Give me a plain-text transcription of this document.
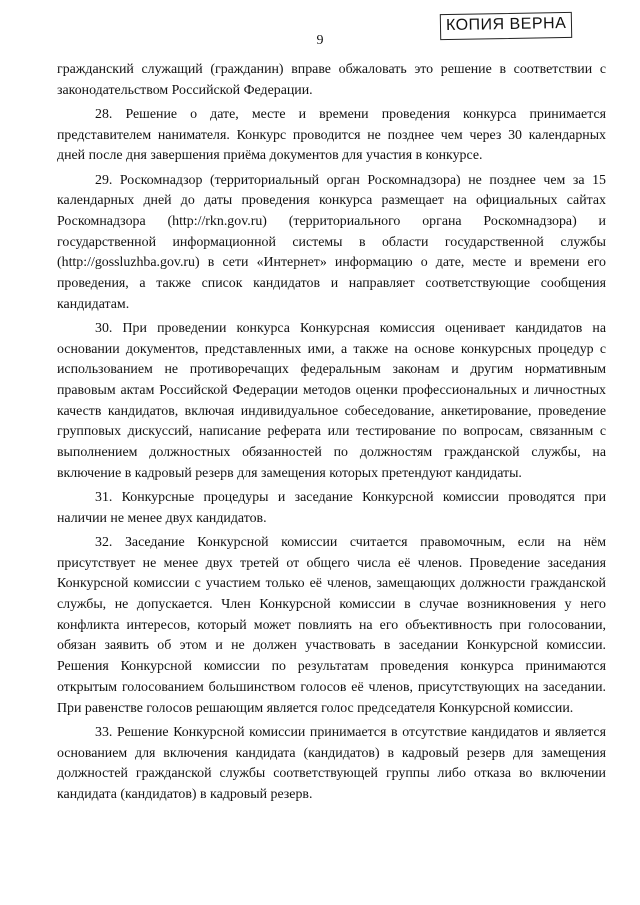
9
КОПИЯ ВЕРНА

гражданский служащий (гражданин) вправе обжаловать это решение в соответствии с законодательством Российской Федерации.

28. Решение о дате, месте и времени проведения конкурса принимается представителем нанимателя. Конкурс проводится не позднее чем через 30 календарных дней после дня завершения приёма документов для участия в конкурсе.

29. Роскомнадзор (территориальный орган Роскомнадзора) не позднее чем за 15 календарных дней до даты проведения конкурса размещает на официальных сайтах Роскомнадзора (http://rkn.gov.ru) (территориального органа Роскомнадзора) и государственной информационной системы в области государственной службы (http://gossluzhba.gov.ru) в сети «Интернет» информацию о дате, месте и времени его проведения, а также список кандидатов и направляет соответствующие сообщения кандидатам.

30. При проведении конкурса Конкурсная комиссия оценивает кандидатов на основании документов, представленных ими, а также на основе конкурсных процедур с использованием не противоречащих федеральным законам и другим нормативным правовым актам Российской Федерации методов оценки профессиональных и личностных качеств кандидатов, включая индивидуальное собеседование, анкетирование, проведение групповых дискуссий, написание реферата или тестирование по вопросам, связанным с выполнением должностных обязанностей по должностям гражданской службы, на включение в кадровый резерв для замещения которых претендуют кандидаты.

31. Конкурсные процедуры и заседание Конкурсной комиссии проводятся при наличии не менее двух кандидатов.

32. Заседание Конкурсной комиссии считается правомочным, если на нём присутствует не менее двух третей от общего числа её членов. Проведение заседания Конкурсной комиссии с участием только её членов, замещающих должности гражданской службы, не допускается. Член Конкурсной комиссии в случае возникновения у него конфликта интересов, который может повлиять на его объективность при голосовании, обязан заявить об этом и не должен участвовать в заседании Конкурсной комиссии. Решения Конкурсной комиссии по результатам проведения конкурса принимаются открытым голосованием большинством голосов её членов, присутствующих на заседании. При равенстве голосов решающим является голос председателя Конкурсной комиссии.

33. Решение Конкурсной комиссии принимается в отсутствие кандидатов и является основанием для включения кандидата (кандидатов) в кадровый резерв для замещения должностей гражданской службы соответствующей группы либо отказа во включении кандидата (кандидатов) в кадровый резерв.
